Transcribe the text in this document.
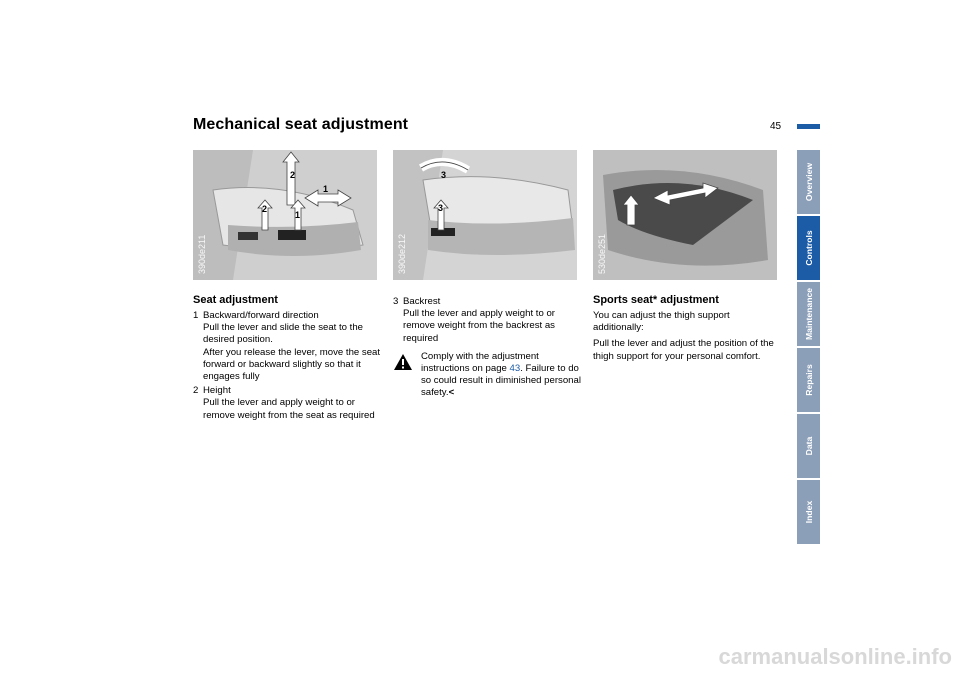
Mechanical seat adjustment	45
1
2
2
1
390de211
3
3
390de212	530de251
Seat adjustment
1 Backward/forward direction
Pull the lever and slide the seat to the desired position.
After you release the lever, move the seat forward or backward slightly so that it engages fully
2 Height
Pull the lever and apply weight to or remove weight from the seat as required
3 Backrest
Pull the lever and apply weight to or remove weight from the backrest as required
Comply with the adjustment instructions on page 43. Failure to do so could result in diminished personal safety.<
Sports seat* adjustment

You can adjust the thigh support additionally:

Pull the lever and adjust the position of the thigh support for your personal comfort.

Overview
Controls
Maintenance
Repairs
Data
Index
carmanualsonline.info
